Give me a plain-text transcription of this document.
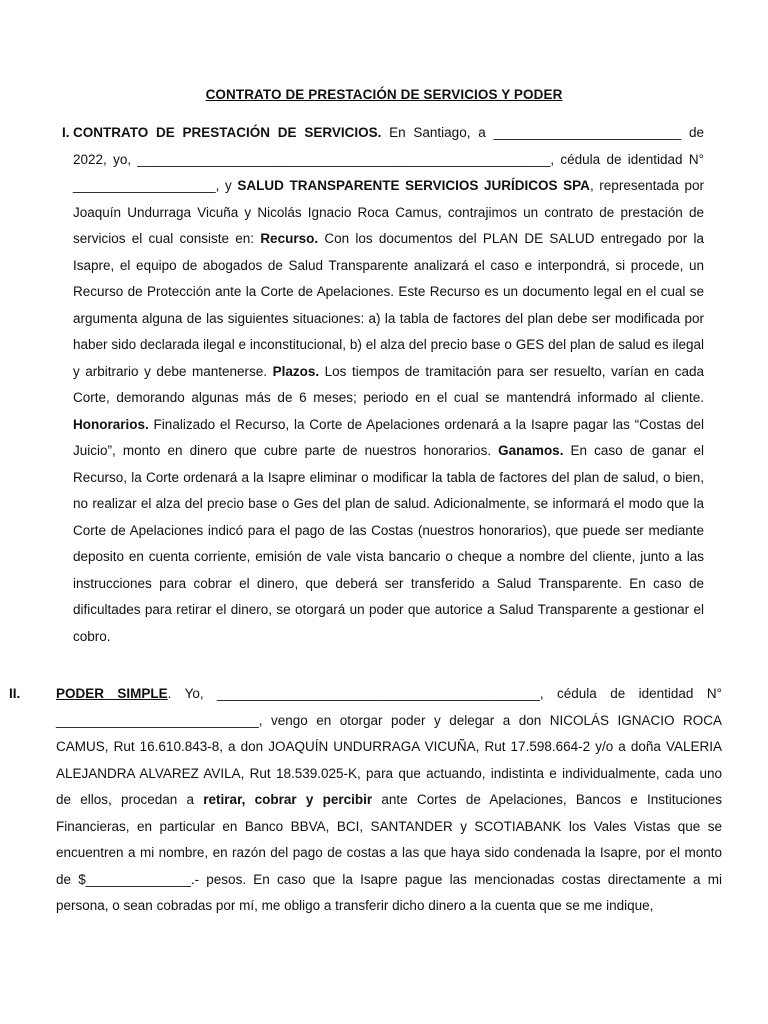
CONTRATO DE PRESTACIÓN DE SERVICIOS Y PODER
I. CONTRATO DE PRESTACIÓN DE SERVICIOS. En Santiago, a _________________________ de 2022, yo, _______________________________________________________, cédula de identidad N° ___________________, y SALUD TRANSPARENTE SERVICIOS JURÍDICOS SPA, representada por Joaquín Undurraga Vicuña y Nicolás Ignacio Roca Camus, contrajimos un contrato de prestación de servicios el cual consiste en: Recurso. Con los documentos del PLAN DE SALUD entregado por la Isapre, el equipo de abogados de Salud Transparente analizará el caso e interpondrá, si procede, un Recurso de Protección ante la Corte de Apelaciones. Este Recurso es un documento legal en el cual se argumenta alguna de las siguientes situaciones: a) la tabla de factores del plan debe ser modificada por haber sido declarada ilegal e inconstitucional, b) el alza del precio base o GES del plan de salud es ilegal y arbitrario y debe mantenerse. Plazos. Los tiempos de tramitación para ser resuelto, varían en cada Corte, demorando algunas más de 6 meses; periodo en el cual se mantendrá informado al cliente. Honorarios. Finalizado el Recurso, la Corte de Apelaciones ordenará a la Isapre pagar las “Costas del Juicio”, monto en dinero que cubre parte de nuestros honorarios. Ganamos. En caso de ganar el Recurso, la Corte ordenará a la Isapre eliminar o modificar la tabla de factores del plan de salud, o bien, no realizar el alza del precio base o Ges del plan de salud. Adicionalmente, se informará el modo que la Corte de Apelaciones indicó para el pago de las Costas (nuestros honorarios), que puede ser mediante deposito en cuenta corriente, emisión de vale vista bancario o cheque a nombre del cliente, junto a las instrucciones para cobrar el dinero, que deberá ser transferido a Salud Transparente. En caso de dificultades para retirar el dinero, se otorgará un poder que autorice a Salud Transparente a gestionar el cobro.

II.	PODER SIMPLE. Yo, ___________________________________________, cédula de identidad N° ___________________________, vengo en otorgar poder y delegar a don NICOLÁS IGNACIO ROCA CAMUS, Rut 16.610.843-8, a don JOAQUÍN UNDURRAGA VICUÑA, Rut 17.598.664-2 y/o a doña VALERIA ALEJANDRA ALVAREZ AVILA, Rut 18.539.025-K, para que actuando, indistinta e individualmente, cada uno de ellos, procedan a retirar, cobrar y percibir ante Cortes de Apelaciones, Bancos e Instituciones Financieras, en particular en Banco BBVA, BCI, SANTANDER y SCOTIABANK los Vales Vistas que se encuentren a mi nombre, en razón del pago de costas a las que haya sido condenada la Isapre, por el monto de $______________.- pesos. En caso que la Isapre pague las mencionadas costas directamente a mi persona, o sean cobradas por mí, me obligo a transferir dicho dinero a la cuenta que se me indique,
